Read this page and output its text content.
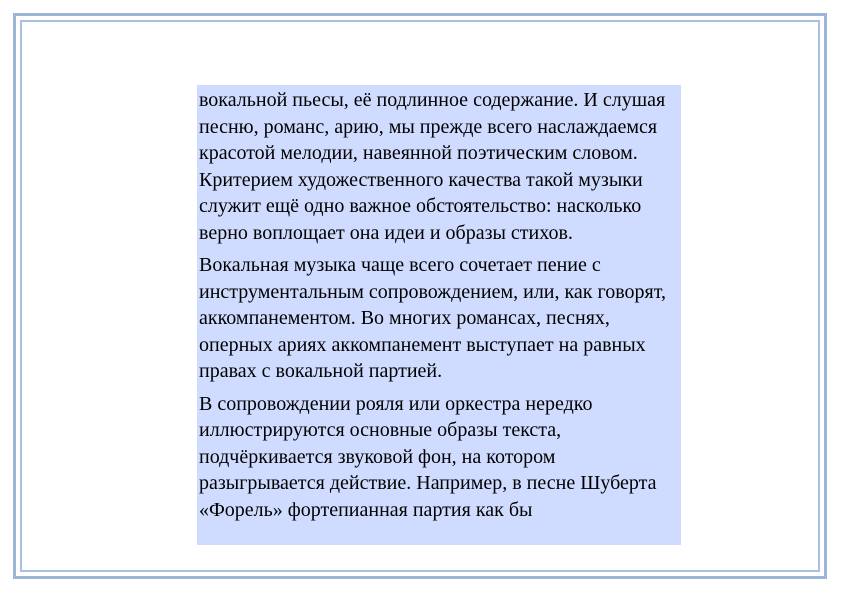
вокальной пьесы, её подлинное содержание. И слушая песню, романс, арию, мы прежде всего наслаждаемся красотой мелодии, навеянной поэтическим словом. Критерием художественного качества такой музыки служит ещё одно важное обстоятельство: насколько верно воплощает она идеи и образы стихов.

Вокальная музыка чаще всего сочетает пение с инструментальным сопровождением, или, как говорят, аккомпанементом. Во многих романсах, песнях, оперных ариях аккомпанемент выступает на равных правах с вокальной партией.

В сопровождении рояля или оркестра нередко иллюстрируются основные образы текста, подчёркивается звуковой фон, на котором разыгрывается действие. Например, в песне Шуберта «Форель» фортепианная партия как бы
